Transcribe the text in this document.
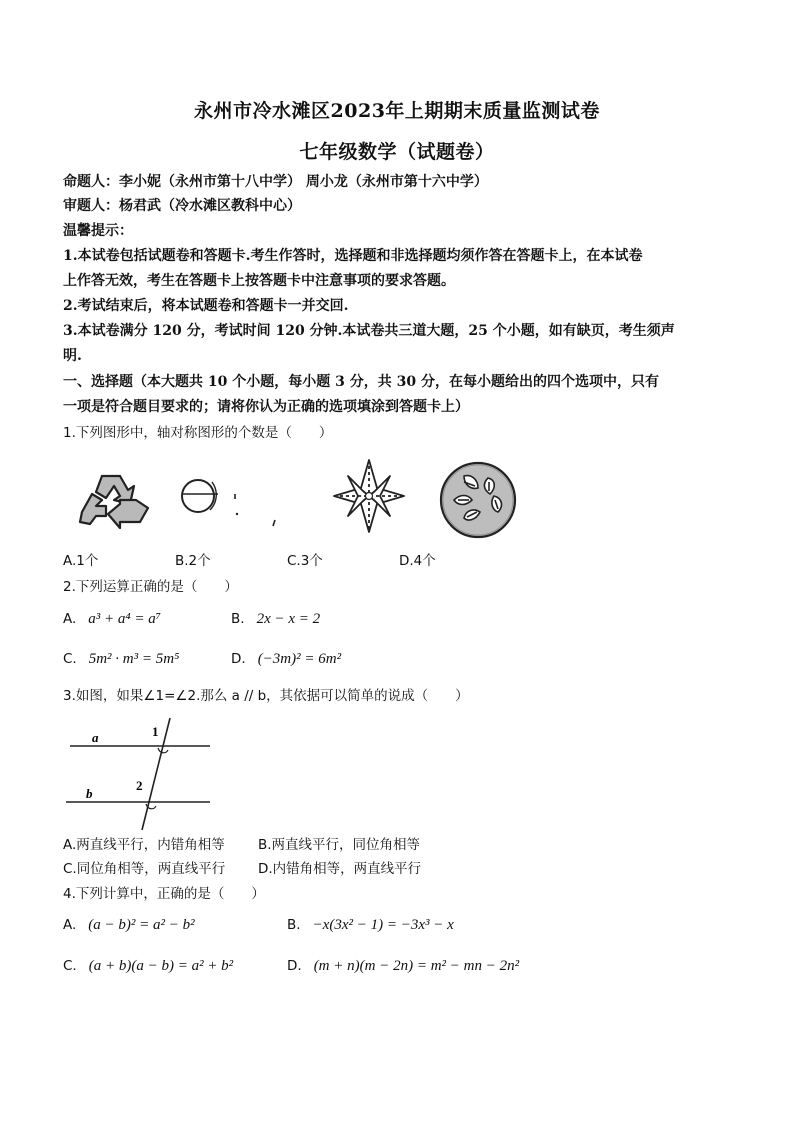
永州市冷水滩区2023年上期期末质量监测试卷
七年级数学（试题卷）
命题人：李小妮（永州市第十八中学） 周小龙（永州市第十六中学）
审题人：杨君武（冷水滩区教科中心）
温馨提示：
1.本试卷包括试题卷和答题卡.考生作答时，选择题和非选择题均须作答在答题卡上，在本试卷
上作答无效，考生在答题卡上按答题卡中注意事项的要求答题。
2.考试结束后，将本试题卷和答题卡一并交回.
3.本试卷满分 120 分，考试时间 120 分钟.本试卷共三道大题，25 个小题，如有缺页，考生须声
明.
一、选择题（本大题共 10 个小题，每小题 3 分，共 30 分，在每小题给出的四个选项中，只有
一项是符合题目要求的；请将你认为正确的选项填涂到答题卡上）
1.下列图形中，轴对称图形的个数是（　　）
A.1个	B.2个	C.3个	D.4个
2.下列运算正确的是（　　）
A. a³ + a⁴ = a⁷	B. 2x − x = 2
C. 5m² · m³ = 5m⁵	D. (−3m)² = 6m²
3.如图，如果∠1=∠2.那么 a // b，其依据可以简单的说成（　　）
a
b
1
2
A.两直线平行，内错角相等	B.两直线平行，同位角相等
C.同位角相等，两直线平行	D.内错角相等，两直线平行
4.下列计算中，正确的是（　　）
A. (a − b)² = a² − b²	B. −x(3x² − 1) = −3x³ − x
C. (a + b)(a − b) = a² + b²	D. (m + n)(m − 2n) = m² − mn − 2n²
